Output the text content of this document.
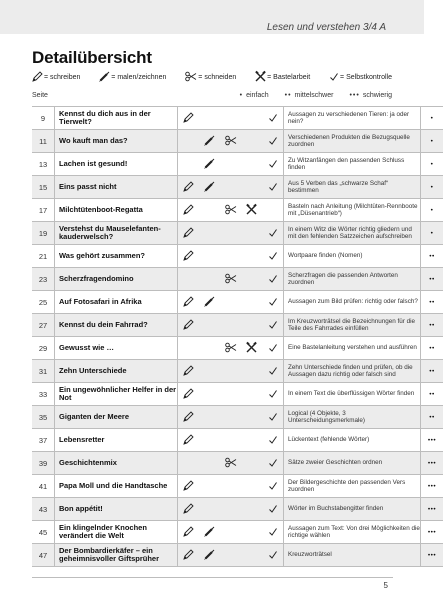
Lesen und verstehen 3/4 A
Detailübersicht
= schreiben	= malen/zeichnen	= schneiden	= Bastelarbeit	= Selbstkontrolle
Seite	• einfach •• mittelschwer ••• schwierig
9	Kennst du dich aus in der Tierwelt?						Aussagen zu verschiedenen Tieren: ja oder nein?	•
11	Wo kauft man das?						Verschiedenen Produkten die Bezugsquelle zuordnen	•
13	Lachen ist gesund!						Zu Witzanfängen den passenden Schluss finden	•
15	Eins passt nicht						Aus 5 Verben das „schwarze Schaf“ bestimmen	•
17	Milchtütenboot-Regatta						Basteln nach Anleitung (Milchtüten-Rennboote mit „Düsenantrieb“)	•
19	Verstehst du Mauselefanten-kauderwelsch?						In einem Witz die Wörter richtig gliedern und mit den fehlenden Satzzeichen aufschreiben	•
21	Was gehört zusammen?						Wortpaare finden (Nomen)	••
23	Scherzfragendomino						Scherzfragen die passenden Antworten zuordnen	••
25	Auf Fotosafari in Afrika						Aussagen zum Bild prüfen: richtig oder falsch?	••
27	Kennst du dein Fahrrad?						Im Kreuzworträtsel die Bezeichnungen für die Teile des Fahrrades einfüllen	••
29	Gewusst wie …						Eine Bastelanleitung verstehen und ausführen	••
31	Zehn Unterschiede						Zehn Unterschiede finden und prüfen, ob die Aussagen dazu richtig oder falsch sind	••
33	Ein ungewöhnlicher Helfer in der Not						In einem Text die überflüssigen Wörter finden	••
35	Giganten der Meere						Logical (4 Objekte, 3 Unterscheidungsmerkmale)	••
37	Lebensretter						Lückentext (fehlende Wörter)	•••
39	Geschichtenmix						Sätze zweier Geschichten ordnen	•••
41	Papa Moll und die Handtasche						Der Bildergeschichte den passenden Vers zuordnen	•••
43	Bon appétit!						Wörter im Buchstabengitter finden	•••
45	Ein klingelnder Knochen verändert die Welt						Aussagen zum Text: Von drei Möglichkeiten die richtige wählen	•••
47	Der Bombardierkäfer – ein geheimnisvoller Giftsprüher						Kreuzworträtsel	•••
5
